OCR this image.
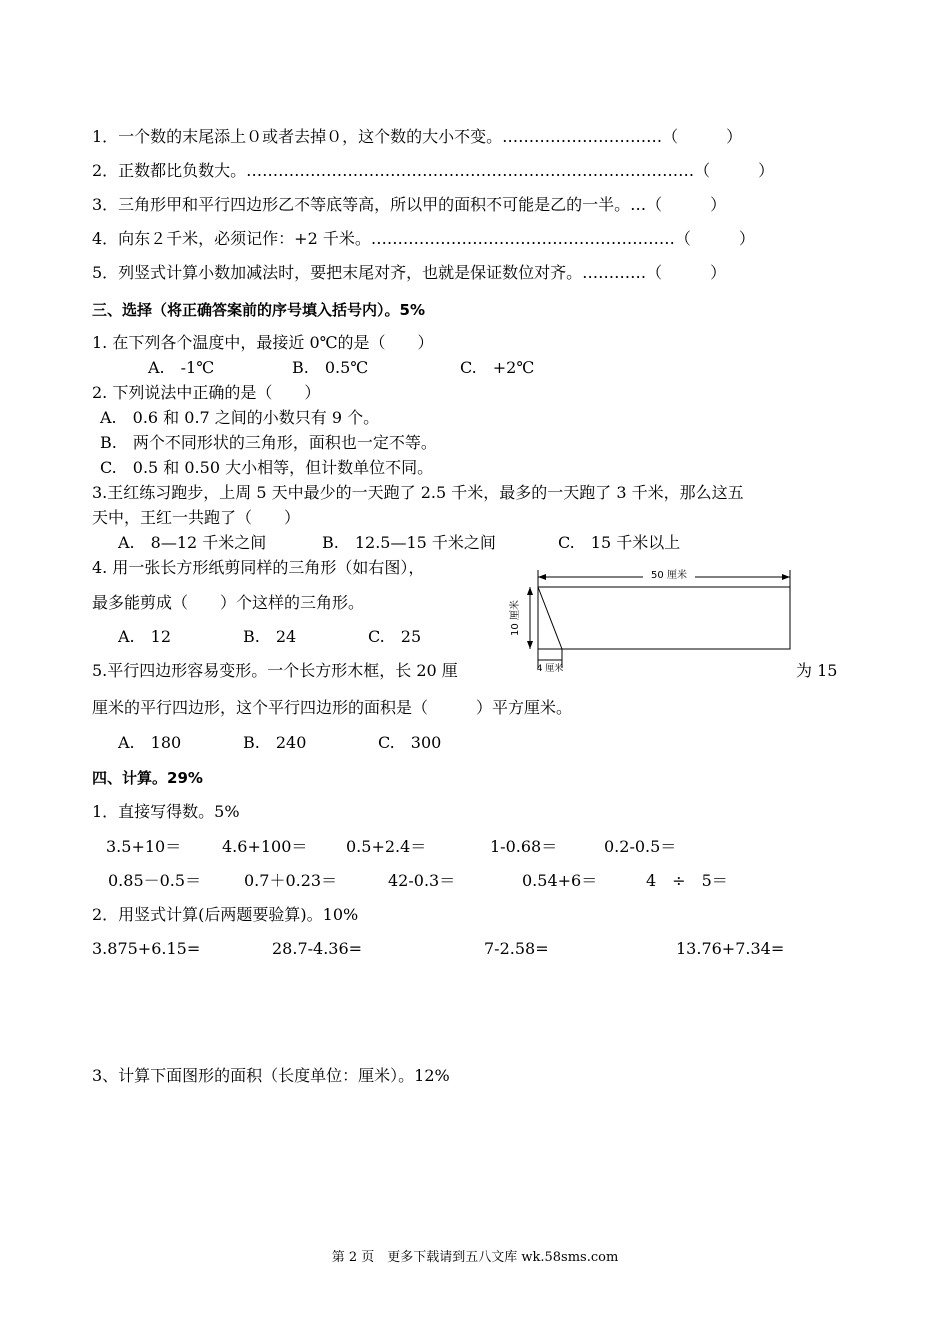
1．一个数的末尾添上０或者去掉０，这个数的大小不变。…………………………（　　　）
2．正数都比负数大。…………………………………………………………………………（　　　）
3．三角形甲和平行四边形乙不等底等高，所以甲的面积不可能是乙的一半。…（　　　）
4．向东２千米，必须记作：+2 千米。…………………………………………………（　　　）
5．列竖式计算小数加减法时，要把末尾对齐，也就是保证数位对齐。…………（　　　）
三、选择（将正确答案前的序号填入括号内）。5%
1. 在下列各个温度中，最接近 0℃的是（　　）
A.　-1℃	B.　0.5℃	C.　+2℃
2. 下列说法中正确的是（　　）
A.　0.6 和 0.7 之间的小数只有 9 个。
B.　两个不同形状的三角形，面积也一定不等。
C.　0.5 和 0.50 大小相等，但计数单位不同。
3.王红练习跑步，上周 5 天中最少的一天跑了 2.5 千米，最多的一天跑了 3 千米，那么这五
天中，王红一共跑了（　　）
A.　8—12 千米之间	B.　12.5—15 千米之间	C.　15 千米以上
4. 用一张长方形纸剪同样的三角形（如右图），
最多能剪成（　　）个这样的三角形。
A.　12	B.　24	C.　25
50 厘米
10 厘米
4 厘米
5.平行四边形容易变形。一个长方形木框，长 20 厘	为 15
厘米的平行四边形，这个平行四边形的面积是（　　　）平方厘米。
A.　180	B.　240	C.　300
四、计算。29%
1．直接写得数。5%
3.5+10＝	4.6+100＝ 0.5+2.4＝	1-0.68＝	0.2-0.5＝
0.85－0.5＝	0.7＋0.23＝	42-0.3＝	0.54+6＝	4　÷　5＝
2．用竖式计算(后两题要验算)。10%
3.875+6.15=	28.7-4.36=	7-2.58=	13.76+7.34=
3、计算下面图形的面积（长度单位：厘米）。12%
第 2 页　更多下载请到五八文库 wk.58sms.com
